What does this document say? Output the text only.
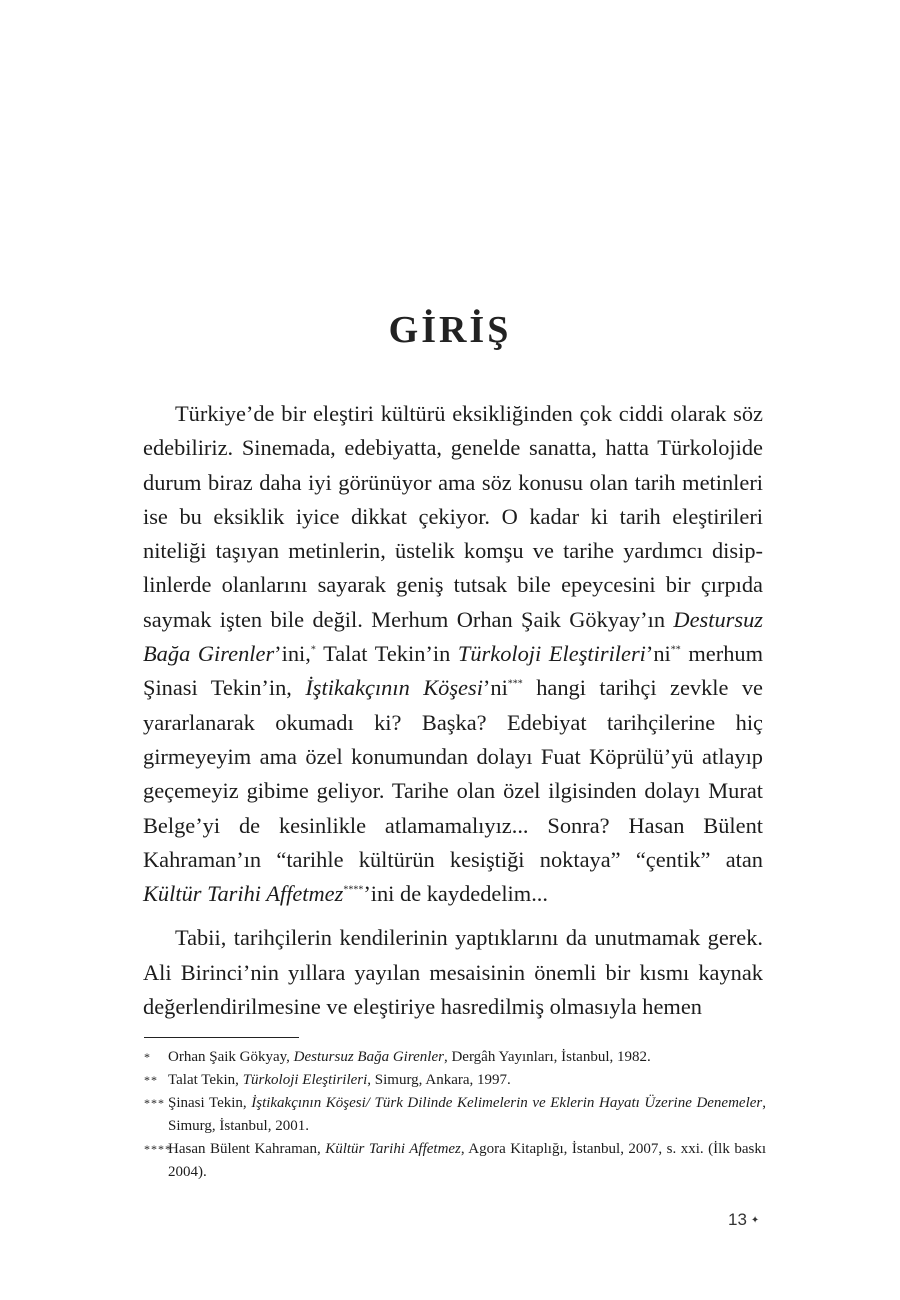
GİRİŞ

Türkiye’de bir eleştiri kültürü eksikliğinden çok ciddi olarak söz edebiliriz. Sinemada, edebiyatta, genelde sanatta, hatta Türkolojide durum biraz daha iyi görünüyor ama söz konusu olan tarih metinleri ise bu eksiklik iyice dikkat çekiyor. O kadar ki tarih eleştirileri niteliği taşıyan metinlerin, üstelik komşu ve tarihe yardımcı disiplinlerde olanlarını sayarak geniş tutsak bile epeycesini bir çırpıda saymak işten bile değil. Merhum Orhan Şaik Gökyay’ın Destursuz Bağa Girenler’ini,* Talat Tekin’in Türkoloji Eleştirileri’ni** merhum Şinasi Tekin’in, İştikakçının Köşesi’ni*** hangi tarihçi zevkle ve yararlanarak okumadı ki? Başka? Edebiyat tarihçilerine hiç girmeyeyim ama özel konumundan dolayı Fuat Köprülü’yü atlayıp geçemeyiz gibime geliyor. Tarihe olan özel ilgisinden dolayı Murat Belge’yi de kesinlikle atlamamalıyız... Sonra? Hasan Bülent Kahraman’ın “tarihle kültürün kesiştiği noktaya” “çentik” atan Kültür Tarihi Affetmez****’ini de kaydedelim...

Tabii, tarihçilerin kendilerinin yaptıklarını da unutmamak gerek. Ali Birinci’nin yıllara yayılan mesaisinin önemli bir kısmı kaynak değerlendirilmesine ve eleştiriye hasredilmiş olmasıyla hemen

*	Orhan Şaik Gökyay, Destursuz Bağa Girenler, Dergâh Yayınları, İstanbul, 1982.

** Talat Tekin, Türkoloji Eleştirileri, Simurg, Ankara, 1997.

*** Şinasi Tekin, İştikakçının Köşesi/ Türk Dilinde Kelimelerin ve Eklerin Hayatı Üzerine Denemeler, Simurg, İstanbul, 2001.

****
Hasan Bülent Kahraman, Kültür Tarihi Affetmez, Agora Kitaplığı, İstanbul, 2007, s. xxi. (İlk baskı 2004).

13 ✦
